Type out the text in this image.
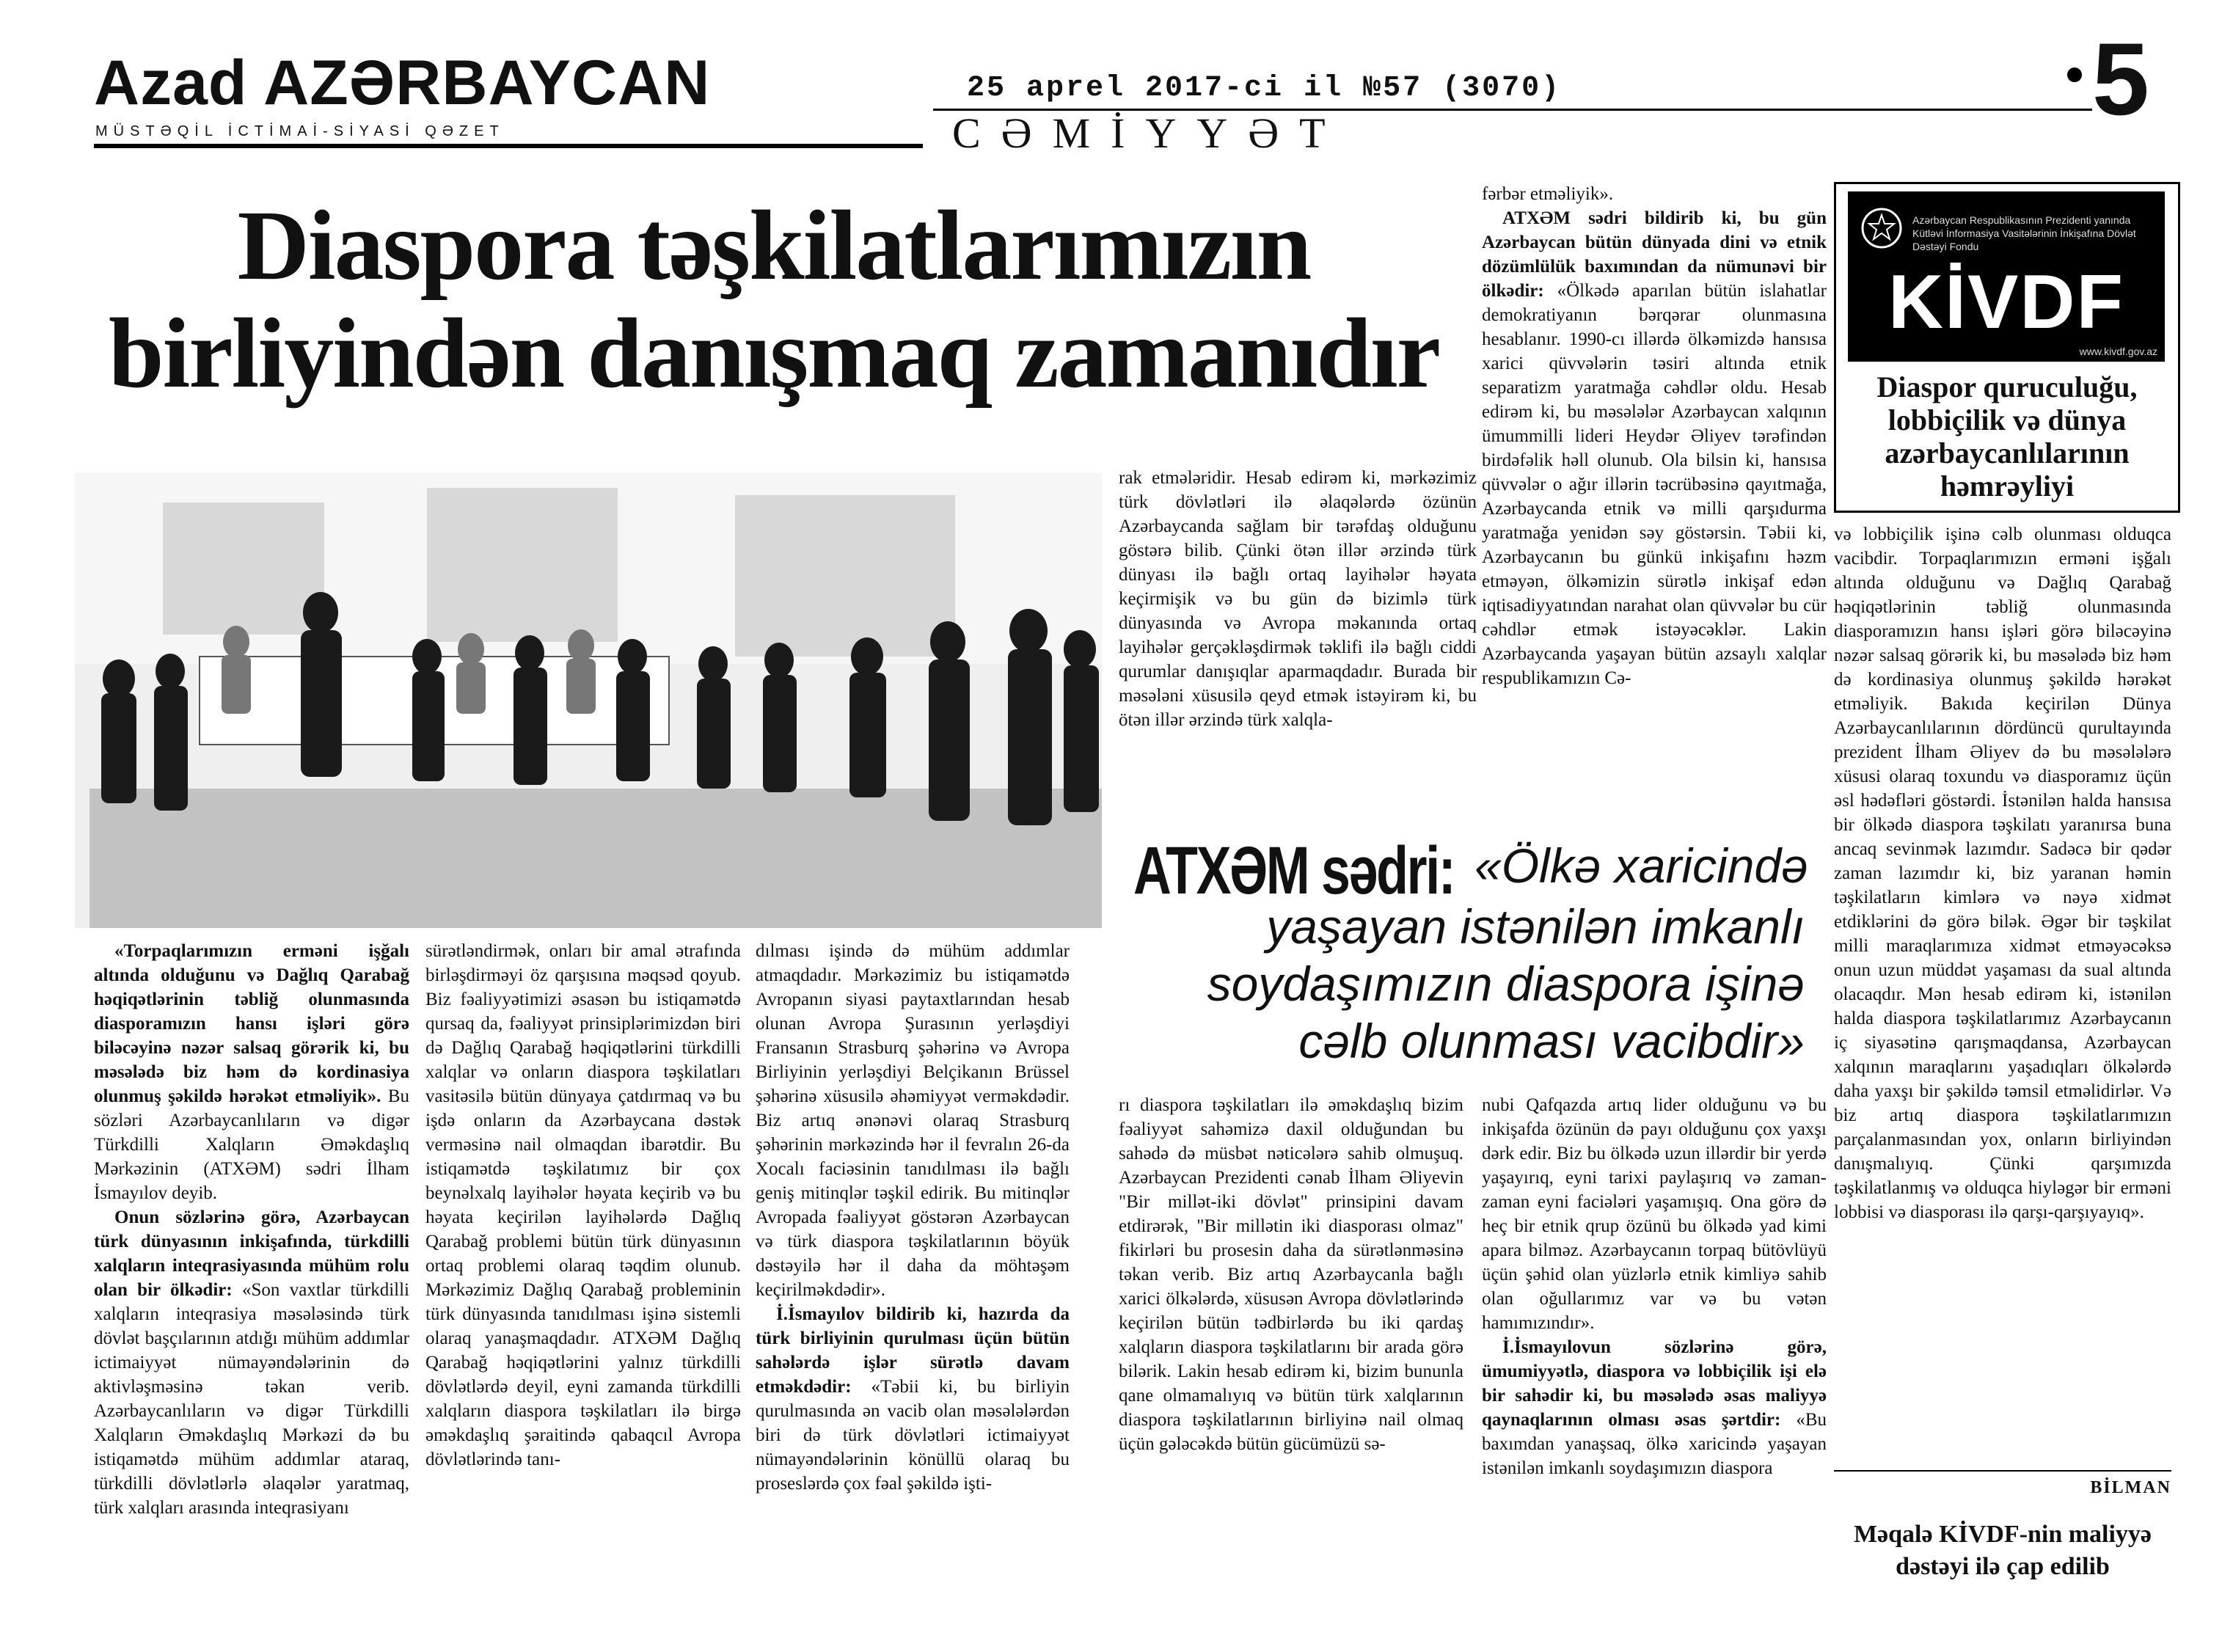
Azad AZƏRBAYCAN
MÜSTƏQİL İCTİMAİ-SİYASİ QƏZET
25 aprel 2017-ci il №57 (3070)
CƏMİYYƏT	5
Diaspora təşkilatlarımızın
birliyindən danışmaq zamanıdır

«Torpaqlarımızın erməni işğalı altında olduğunu və Dağlıq Qarabağ həqiqətlərinin təbliğ olunmasında diasporamızın hansı işləri görə biləcəyinə nəzər salsaq görərik ki, bu məsələdə biz həm də kordinasiya olunmuş şəkildə hərəkət etməliyik». Bu sözləri Azərbaycanlıların və digər Türkdilli Xalqların Əməkdaşlıq Mərkəzinin (ATXƏM) sədri İlham İsmayılov deyib.

Onun sözlərinə görə, Azərbaycan türk dünyasının inkişafında, türkdilli xalqların inteqrasiyasında mühüm rolu olan bir ölkədir: «Son vaxtlar türkdilli xalqların inteqrasiya məsələsində türk dövlət başçılarının atdığı mühüm addımlar ictimaiyyət nümayəndələrinin də aktivləşməsinə təkan verib. Azərbaycanlıların və digər Türkdilli Xalqların Əməkdaşlıq Mərkəzi də bu istiqamətdə mühüm addımlar ataraq, türkdilli dövlətlərlə əlaqələr yaratmaq, türk xalqları arasında inteqrasiyanı

sürətləndirmək, onları bir amal ətrafında birləşdirməyi öz qarşısına məqsəd qoyub. Biz fəaliyyətimizi əsasən bu istiqamətdə qursaq da, fəaliyyət prinsiplərimizdən biri də Dağlıq Qarabağ həqiqətlərini türkdilli xalqlar və onların diaspora təşkilatları vasitəsilə bütün dünyaya çatdırmaq və bu işdə onların da Azərbaycana dəstək verməsinə nail olmaqdan ibarətdir. Bu istiqamətdə təşkilatımız bir çox beynəlxalq layihələr həyata keçirib və bu həyata keçirilən layihələrdə Dağlıq Qarabağ problemi bütün türk dünyasının ortaq problemi olaraq təqdim olunub. Mərkəzimiz Dağlıq Qarabağ probleminin türk dünyasında tanıdılması işinə sistemli olaraq yanaşmaqdadır. ATXƏM Dağlıq Qarabağ həqiqətlərini yalnız türkdilli dövlətlərdə deyil, eyni zamanda türkdilli xalqların diaspora təşkilatları ilə birgə əməkdaşlıq şəraitində qabaqcıl Avropa dövlətlərində tanı-

dılması işində də mühüm addımlar atmaqdadır. Mərkəzimiz bu istiqamətdə Avropanın siyasi paytaxtlarından hesab olunan Avropa Şurasının yerləşdiyi Fransanın Strasburq şəhərinə və Avropa Birliyinin yerləşdiyi Belçikanın Brüssel şəhərinə xüsusilə əhəmiyyət verməkdədir. Biz artıq ənənəvi olaraq Strasburq şəhərinin mərkəzində hər il fevralın 26-da Xocalı faciəsinin tanıdılması ilə bağlı geniş mitinqlər təşkil edirik. Bu mitinqlər Avropada fəaliyyət göstərən Azərbaycan və türk diaspora təşkilatlarının böyük dəstəyilə hər il daha da möhtəşəm keçirilməkdədir».

İ.İsmayılov bildirib ki, hazırda da türk birliyinin qurulması üçün bütün sahələrdə işlər sürətlə davam etməkdədir: «Təbii ki, bu birliyin qurulmasında ən vacib olan məsələlərdən biri də türk dövlətləri ictimaiyyət nümayəndələrinin könüllü olaraq bu proseslərdə çox fəal şəkildə işti-

rak etmələridir. Hesab edirəm ki, mərkəzimiz türk dövlətləri ilə əlaqələrdə özünün Azərbaycanda sağlam bir tərəfdaş olduğunu göstərə bilib. Çünki ötən illər ərzində türk dünyası ilə bağlı ortaq layihələr həyata keçirmişik və bu gün də bizimlə türk dünyasında və Avropa məkanında ortaq layihələr gerçəkləşdirmək təklifi ilə bağlı ciddi qurumlar danışıqlar aparmaqdadır. Burada bir məsələni xüsusilə qeyd etmək istəyirəm ki, bu ötən illər ərzində türk xalqla-

fərbər etməliyik».

ATXƏM sədri bildirib ki, bu gün Azərbaycan bütün dünyada dini və etnik dözümlülük baxımından da nümunəvi bir ölkədir: «Ölkədə aparılan bütün islahatlar demokratiyanın bərqərar olunmasına hesablanır. 1990-cı illərdə ölkəmizdə hansısa xarici qüvvələrin təsiri altında etnik separatizm yaratmağa cəhdlər oldu. Hesab edirəm ki, bu məsələlər Azərbaycan xalqının ümummilli lideri Heydər Əliyev tərəfindən birdəfəlik həll olunub. Ola bilsin ki, hansısa qüvvələr o ağır illərin təcrübəsinə qayıtmağa, Azərbaycanda etnik və milli qarşıdurma yaratmağa yenidən səy göstərsin. Təbii ki, Azərbaycanın bu günkü inkişafını həzm etməyən, ölkəmizin sürətlə inkişaf edən iqtisadiyyatından narahat olan qüvvələr bu cür cəhdlər etmək istəyəcəklər. Lakin Azərbaycanda yaşayan bütün azsaylı xalqlar respublikamızın Cə-

ATXƏM sədri: «Ölkə xaricində
yaşayan istənilən imkanlı
soydaşımızın diaspora işinə
cəlb olunması vacibdir»

rı diaspora təşkilatları ilə əməkdaşlıq bizim fəaliyyət sahəmizə daxil olduğundan bu sahədə də müsbət nəticələrə sahib olmuşuq. Azərbaycan Prezidenti cənab İlham Əliyevin "Bir millət-iki dövlət" prinsipini davam etdirərək, "Bir millətin iki diasporası olmaz" fikirləri bu prosesin daha da sürətlənməsinə təkan verib. Biz artıq Azərbaycanla bağlı xarici ölkələrdə, xüsusən Avropa dövlətlərində keçirilən bütün tədbirlərdə bu iki qardaş xalqların diaspora təşkilatlarını bir arada görə bilərik. Lakin hesab edirəm ki, bizim bununla qane olmamalıyıq və bütün türk xalqlarının diaspora təşkilatlarının birliyinə nail olmaq üçün gələcəkdə bütün gücümüzü sə-

nubi Qafqazda artıq lider olduğunu və bu inkişafda özünün də payı olduğunu çox yaxşı dərk edir. Biz bu ölkədə uzun illərdir bir yerdə yaşayırıq, eyni tarixi paylaşırıq və zaman-zaman eyni faciələri yaşamışıq. Ona görə də heç bir etnik qrup özünü bu ölkədə yad kimi apara bilməz. Azərbaycanın torpaq bütövlüyü üçün şəhid olan yüzlərlə etnik kimliyə sahib olan oğullarımız var və bu vətən hamımızındır».

İ.İsmayılovun sözlərinə görə, ümumiyyətlə, diaspora və lobbiçilik işi elə bir sahədir ki, bu məsələdə əsas maliyyə qaynaqlarının olması əsas şərtdir: «Bu baxımdan yanaşsaq, ölkə xaricində yaşayan istənilən imkanlı soydaşımızın diaspora

Azərbaycan Respublikasının Prezidenti yanında Kütləvi İnformasiya Vasitələrinin İnkişafına Dövlət Dəstəyi Fondu
KİVDF
www.kivdf.gov.az
Diaspor quruculuğu, lobbiçilik və dünya azərbaycanlılarının həmrəyliyi

və lobbiçilik işinə cəlb olunması olduqca vacibdir. Torpaqlarımızın erməni işğalı altında olduğunu və Dağlıq Qarabağ həqiqətlərinin təbliğ olunmasında diasporamızın hansı işləri görə biləcəyinə nəzər salsaq görərik ki, bu məsələdə biz həm də kordinasiya olunmuş şəkildə hərəkət etməliyik. Bakıda keçirilən Dünya Azərbaycanlılarının dördüncü qurultayında prezident İlham Əliyev də bu məsələlərə xüsusi olaraq toxundu və diasporamız üçün əsl hədəfləri göstərdi. İstənilən halda hansısa bir ölkədə diaspora təşkilatı yaranırsa buna ancaq sevinmək lazımdır. Sadəcə bir qədər zaman lazımdır ki, biz yaranan həmin təşkilatların kimlərə və nəyə xidmət etdiklərini də görə bilək. Əgər bir təşkilat milli maraqlarımıza xidmət etməyəcəksə onun uzun müddət yaşaması da sual altında olacaqdır. Mən hesab edirəm ki, istənilən halda diaspora təşkilatlarımız Azərbaycanın iç siyasətinə qarışmaqdansa, Azərbaycan xalqının maraqlarını yaşadıqları ölkələrdə daha yaxşı bir şəkildə təmsil etməlidirlər. Və biz artıq diaspora təşkilatlarımızın parçalanmasından yox, onların birliyindən danışmalıyıq. Çünki qarşımızda təşkilatlanmış və olduqca hiyləgər bir erməni lobbisi və diasporası ilə qarşı-qarşıyayıq».

BİLMAN
Məqalə KİVDF-nin maliyyə dəstəyi ilə çap edilib
